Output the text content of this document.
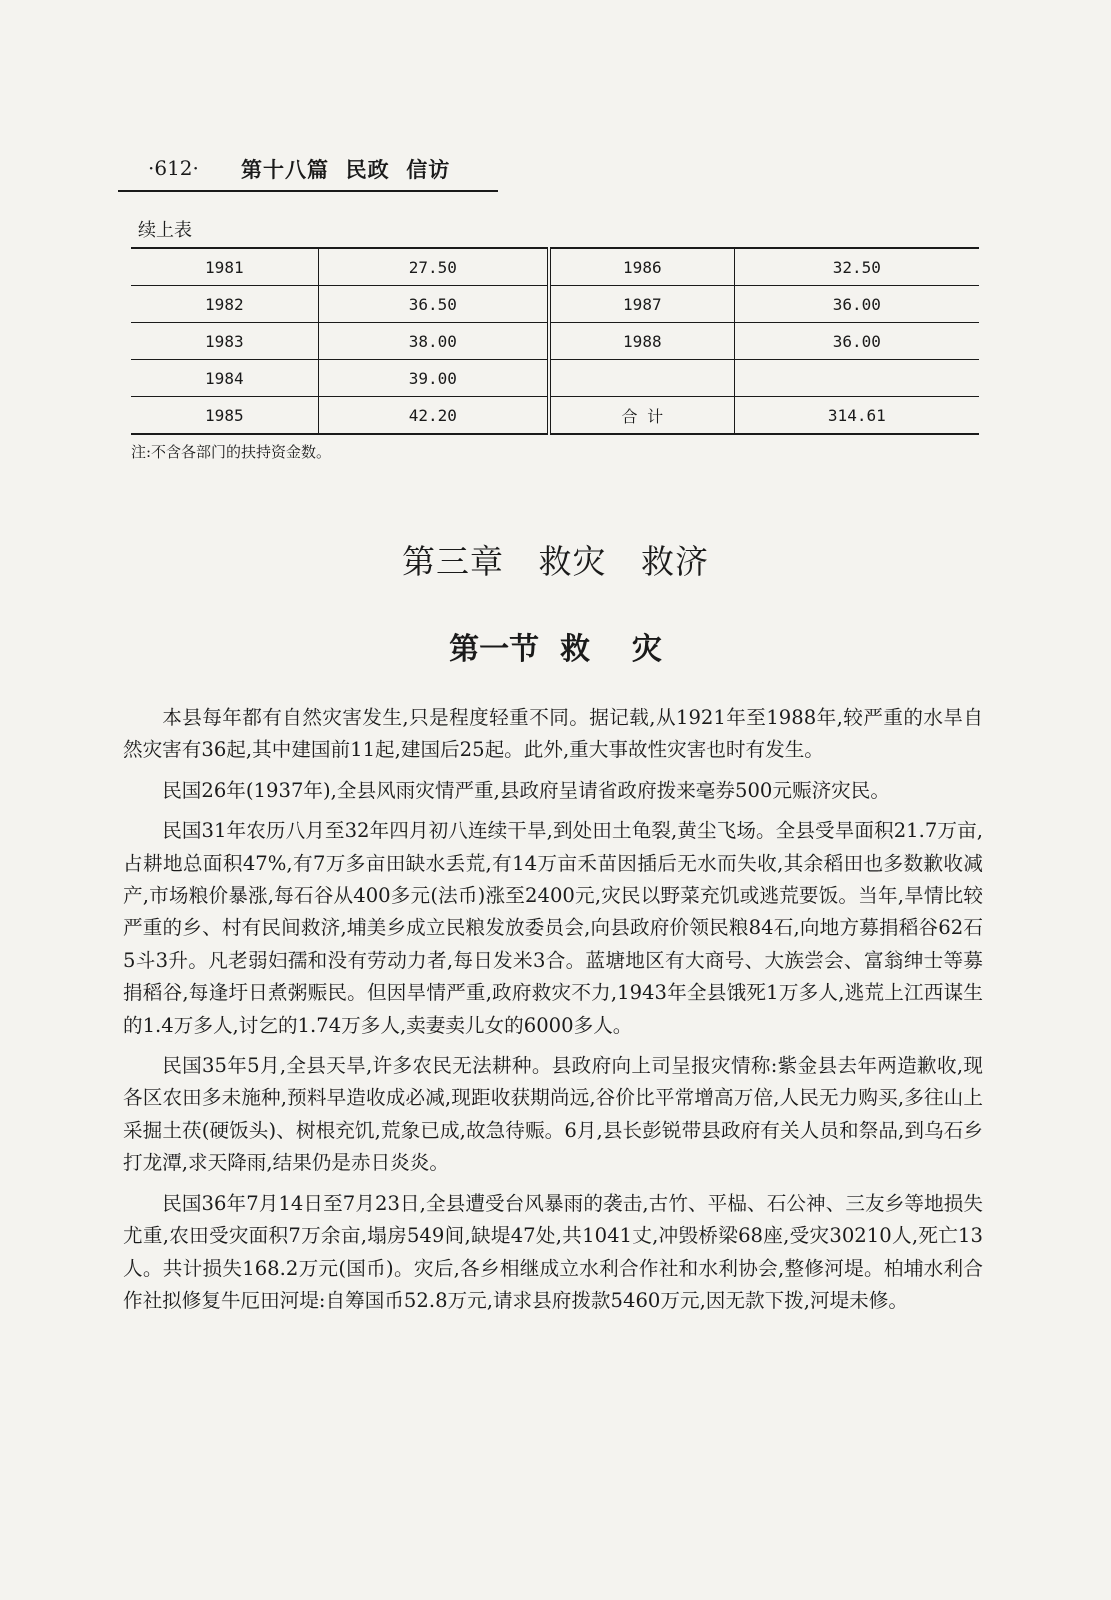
·612· 第十八篇  民政  信访
续上表
1981	27.50	1986	32.50
1982	36.50	1987	36.00
1983	38.00	1988	36.00
1984	39.00		
1985	42.20	合 计	314.61
注:不含各部门的扶持资金数。
第三章   救灾   救济
第一节  救    灾

本县每年都有自然灾害发生,只是程度轻重不同。据记载,从1921年至1988年,较严重的水旱自然灾害有36起,其中建国前11起,建国后25起。此外,重大事故性灾害也时有发生。

民国26年(1937年),全县风雨灾情严重,县政府呈请省政府拨来毫券500元赈济灾民。

民国31年农历八月至32年四月初八连续干旱,到处田土龟裂,黄尘飞场。全县受旱面积21.7万亩,占耕地总面积47%,有7万多亩田缺水丢荒,有14万亩禾苗因插后无水而失收,其余稻田也多数歉收减产,市场粮价暴涨,每石谷从400多元(法币)涨至2400元,灾民以野菜充饥或逃荒要饭。当年,旱情比较严重的乡、村有民间救济,埔美乡成立民粮发放委员会,向县政府价领民粮84石,向地方募捐稻谷62石5斗3升。凡老弱妇孺和没有劳动力者,每日发米3合。蓝塘地区有大商号、大族尝会、富翁绅士等募捐稻谷,每逢圩日煮粥赈民。但因旱情严重,政府救灾不力,1943年全县饿死1万多人,逃荒上江西谋生的1.4万多人,讨乞的1.74万多人,卖妻卖儿女的6000多人。

民国35年5月,全县天旱,许多农民无法耕种。县政府向上司呈报灾情称:紫金县去年两造歉收,现各区农田多未施种,预料早造收成必减,现距收获期尚远,谷价比平常增高万倍,人民无力购买,多往山上采掘土茯(硬饭头)、树根充饥,荒象已成,故急待赈。6月,县长彭锐带县政府有关人员和祭品,到乌石乡打龙潭,求天降雨,结果仍是赤日炎炎。

民国36年7月14日至7月23日,全县遭受台风暴雨的袭击,古竹、平榀、石公神、三友乡等地损失尤重,农田受灾面积7万余亩,塌房549间,缺堤47处,共1041丈,冲毁桥梁68座,受灾30210人,死亡13人。共计损失168.2万元(国币)。灾后,各乡相继成立水利合作社和水利协会,整修河堤。柏埔水利合作社拟修复牛厄田河堤:自筹国币52.8万元,请求县府拨款5460万元,因无款下拨,河堤未修。
